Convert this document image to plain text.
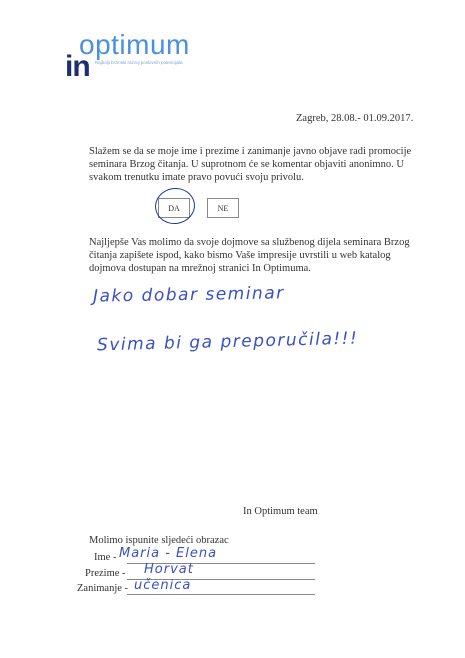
optimum
in Najbolji brzinski razvoj poslovnih potencijala
Zagreb, 28.08.- 01.09.2017.
Slažem se da se moje ime i prezime i zanimanje javno objave radi promocije seminara Brzog čitanja. U suprotnom će se komentar objaviti anonimno. U svakom trenutku imate pravo povući svoju privolu.
DA	NE
Najljepše Vas molimo da svoje dojmove sa službenog dijela seminara Brzog čitanja zapišete ispod, kako bismo Vaše impresije uvrstili u web katalog dojmova dostupan na mrežnoj stranici In Optimuma.
Jako dobar seminar
Svima bi ga preporučila!!!
In Optimum team
Molimo ispunite sljedeći obrazac
Ime - Maria - Elena
Prezime - Horvat
Zanimanje - učenica
